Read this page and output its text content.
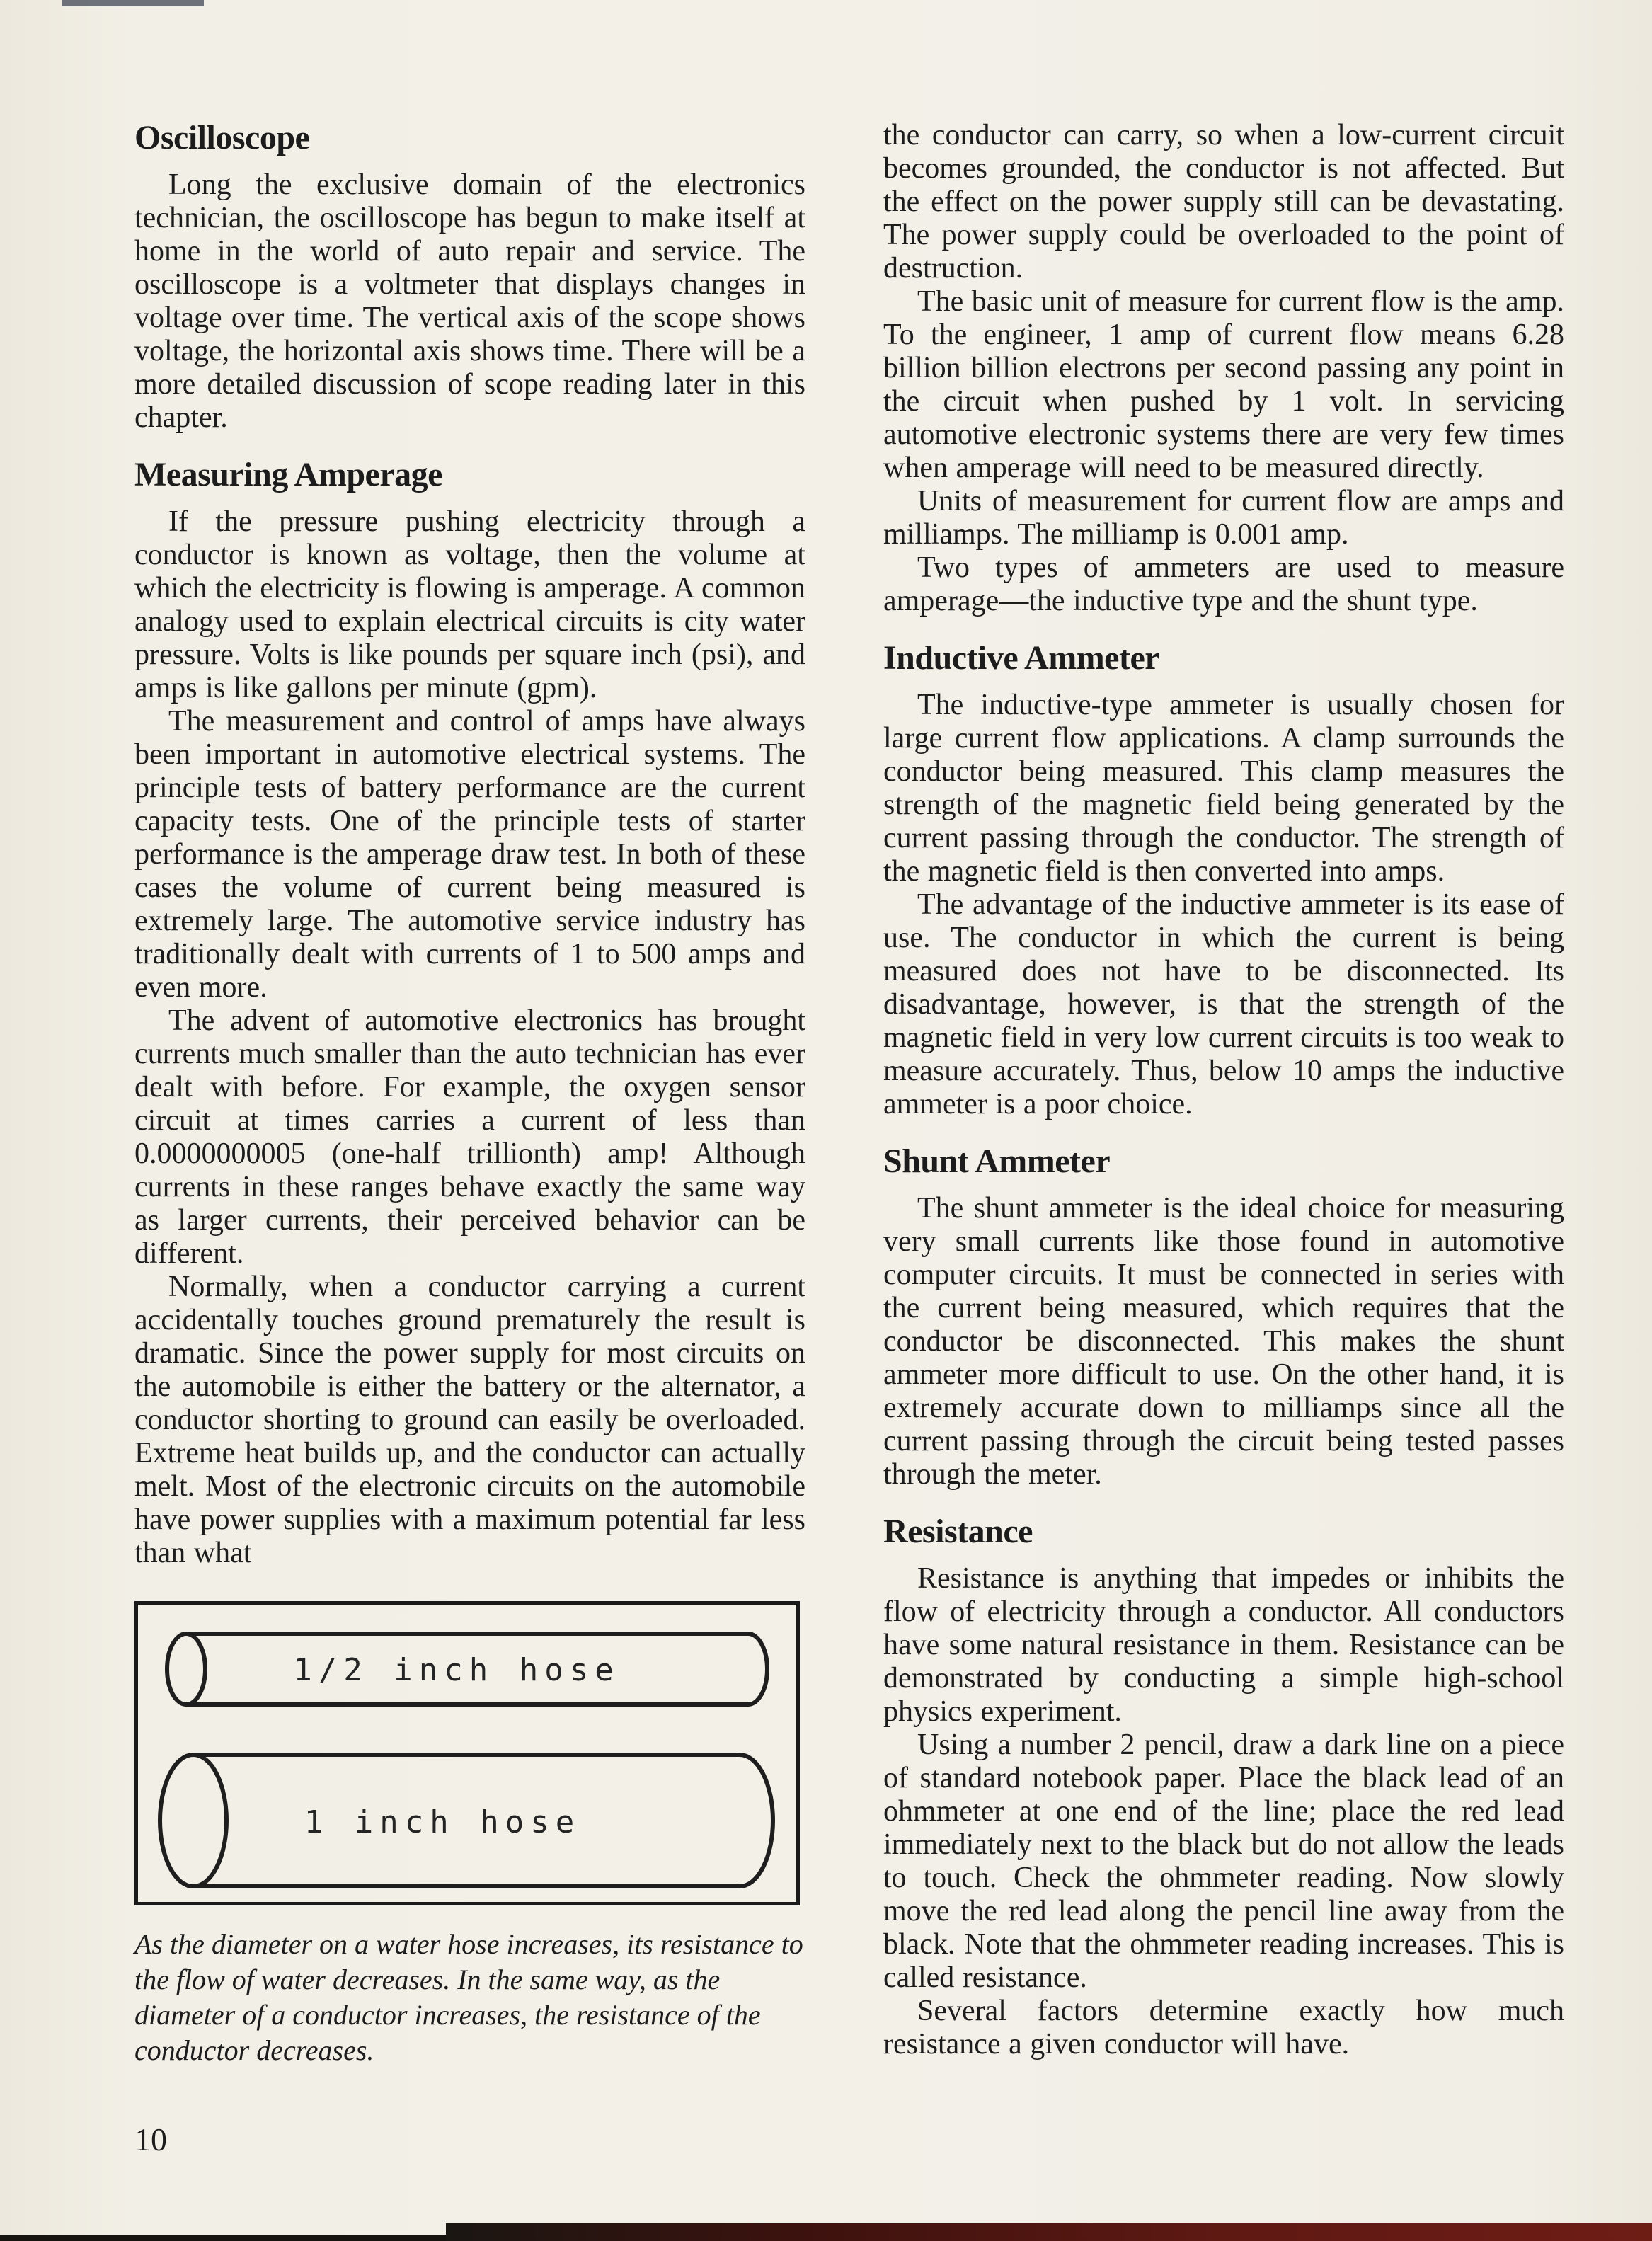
Oscilloscope

Long the exclusive domain of the electronics technician, the oscilloscope has begun to make itself at home in the world of auto repair and service. The oscilloscope is a voltmeter that displays changes in voltage over time. The vertical axis of the scope shows voltage, the horizontal axis shows time. There will be a more detailed discussion of scope reading later in this chapter.

Measuring Amperage

If the pressure pushing electricity through a conductor is known as voltage, then the volume at which the electricity is flowing is amperage. A common analogy used to explain electrical circuits is city water pressure. Volts is like pounds per square inch (psi), and amps is like gallons per minute (gpm).

The measurement and control of amps have always been important in automotive electrical systems. The principle tests of battery performance are the current capacity tests. One of the principle tests of starter performance is the amperage draw test. In both of these cases the volume of current being measured is extremely large. The automotive service industry has traditionally dealt with currents of 1 to 500 amps and even more.

The advent of automotive electronics has brought currents much smaller than the auto technician has ever dealt with before. For example, the oxygen sensor circuit at times carries a current of less than 0.0000000005 (one-half trillionth) amp! Although currents in these ranges behave exactly the same way as larger currents, their perceived behavior can be different.

Normally, when a conductor carrying a current accidentally touches ground prematurely the result is dramatic. Since the power supply for most circuits on the automobile is either the battery or the alternator, a conductor shorting to ground can easily be overloaded. Extreme heat builds up, and the conductor can actually melt. Most of the electronic circuits on the automobile have power supplies with a maximum potential far less than what

1/2 inch hose
1 inch hose

As the diameter on a water hose increases, its resistance to the flow of water decreases. In the same way, as the diameter of a conductor increases, the resistance of the conductor decreases.

10

the conductor can carry, so when a low-current circuit becomes grounded, the conductor is not affected. But the effect on the power supply still can be devastating. The power supply could be overloaded to the point of destruction.

The basic unit of measure for current flow is the amp. To the engineer, 1 amp of current flow means 6.28 billion billion electrons per second passing any point in the circuit when pushed by 1 volt. In servicing automotive electronic systems there are very few times when amperage will need to be measured directly.

Units of measurement for current flow are amps and milliamps. The milliamp is 0.001 amp.

Two types of ammeters are used to measure amperage—the inductive type and the shunt type.

Inductive Ammeter

The inductive-type ammeter is usually chosen for large current flow applications. A clamp surrounds the conductor being measured. This clamp measures the strength of the magnetic field being generated by the current passing through the conductor. The strength of the magnetic field is then converted into amps.

The advantage of the inductive ammeter is its ease of use. The conductor in which the current is being measured does not have to be disconnected. Its disadvantage, however, is that the strength of the magnetic field in very low current circuits is too weak to measure accurately. Thus, below 10 amps the inductive ammeter is a poor choice.

Shunt Ammeter

The shunt ammeter is the ideal choice for measuring very small currents like those found in automotive computer circuits. It must be connected in series with the current being measured, which requires that the conductor be disconnected. This makes the shunt ammeter more difficult to use. On the other hand, it is extremely accurate down to milliamps since all the current passing through the circuit being tested passes through the meter.

Resistance

Resistance is anything that impedes or inhibits the flow of electricity through a conductor. All conductors have some natural resistance in them. Resistance can be demonstrated by conducting a simple high-school physics experiment.

Using a number 2 pencil, draw a dark line on a piece of standard notebook paper. Place the black lead of an ohmmeter at one end of the line; place the red lead immediately next to the black but do not allow the leads to touch. Check the ohmmeter reading. Now slowly move the red lead along the pencil line away from the black. Note that the ohmmeter reading increases. This is called resistance.

Several factors determine exactly how much resistance a given conductor will have.
